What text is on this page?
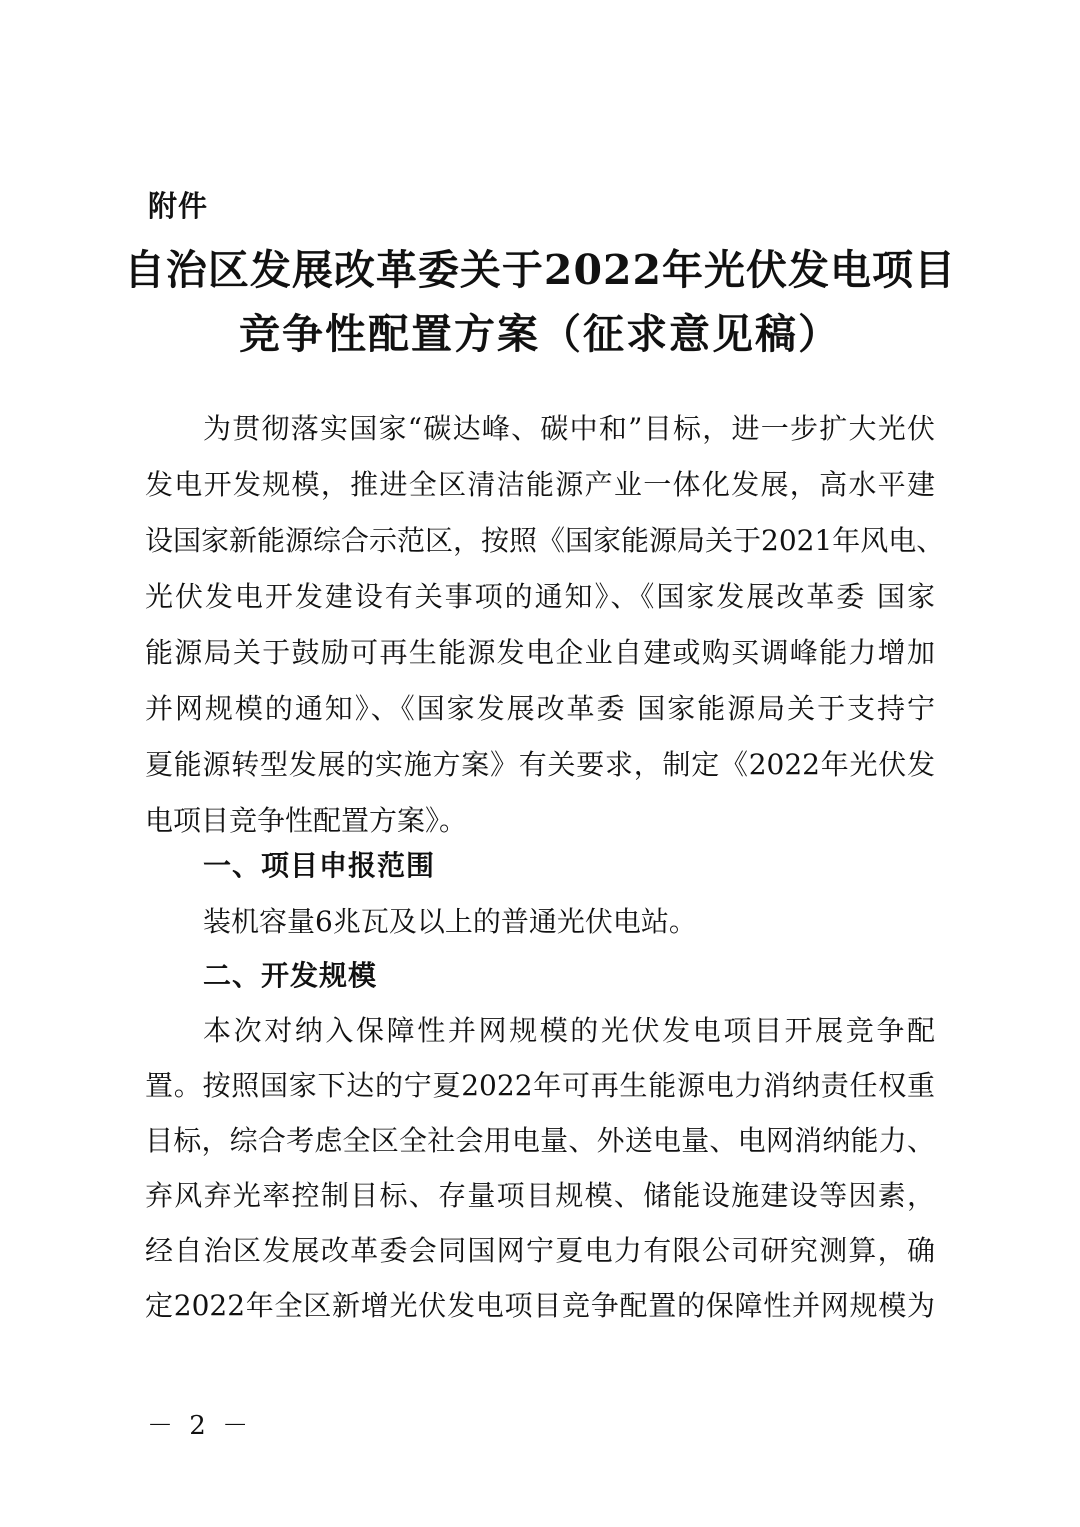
附件
自治区发展改革委关于2022年光伏发电项目
竞争性配置方案（征求意见稿）
为贯彻落实国家“碳达峰、碳中和”目标，进一步扩大光伏
发电开发规模，推进全区清洁能源产业一体化发展，高水平建
设国家新能源综合示范区，按照《国家能源局关于2021年风电、
光伏发电开发建设有关事项的通知》、《国家发展改革委 国家
能源局关于鼓励可再生能源发电企业自建或购买调峰能力增加
并网规模的通知》、《国家发展改革委 国家能源局关于支持宁
夏能源转型发展的实施方案》有关要求，制定《2022年光伏发
电项目竞争性配置方案》。
一、项目申报范围
装机容量6兆瓦及以上的普通光伏电站。
二、开发规模
本次对纳入保障性并网规模的光伏发电项目开展竞争配
置。按照国家下达的宁夏2022年可再生能源电力消纳责任权重
目标，综合考虑全区全社会用电量、外送电量、电网消纳能力、
弃风弃光率控制目标、存量项目规模、储能设施建设等因素，
经自治区发展改革委会同国网宁夏电力有限公司研究测算，确
定2022年全区新增光伏发电项目竞争配置的保障性并网规模为
－ 2 －
